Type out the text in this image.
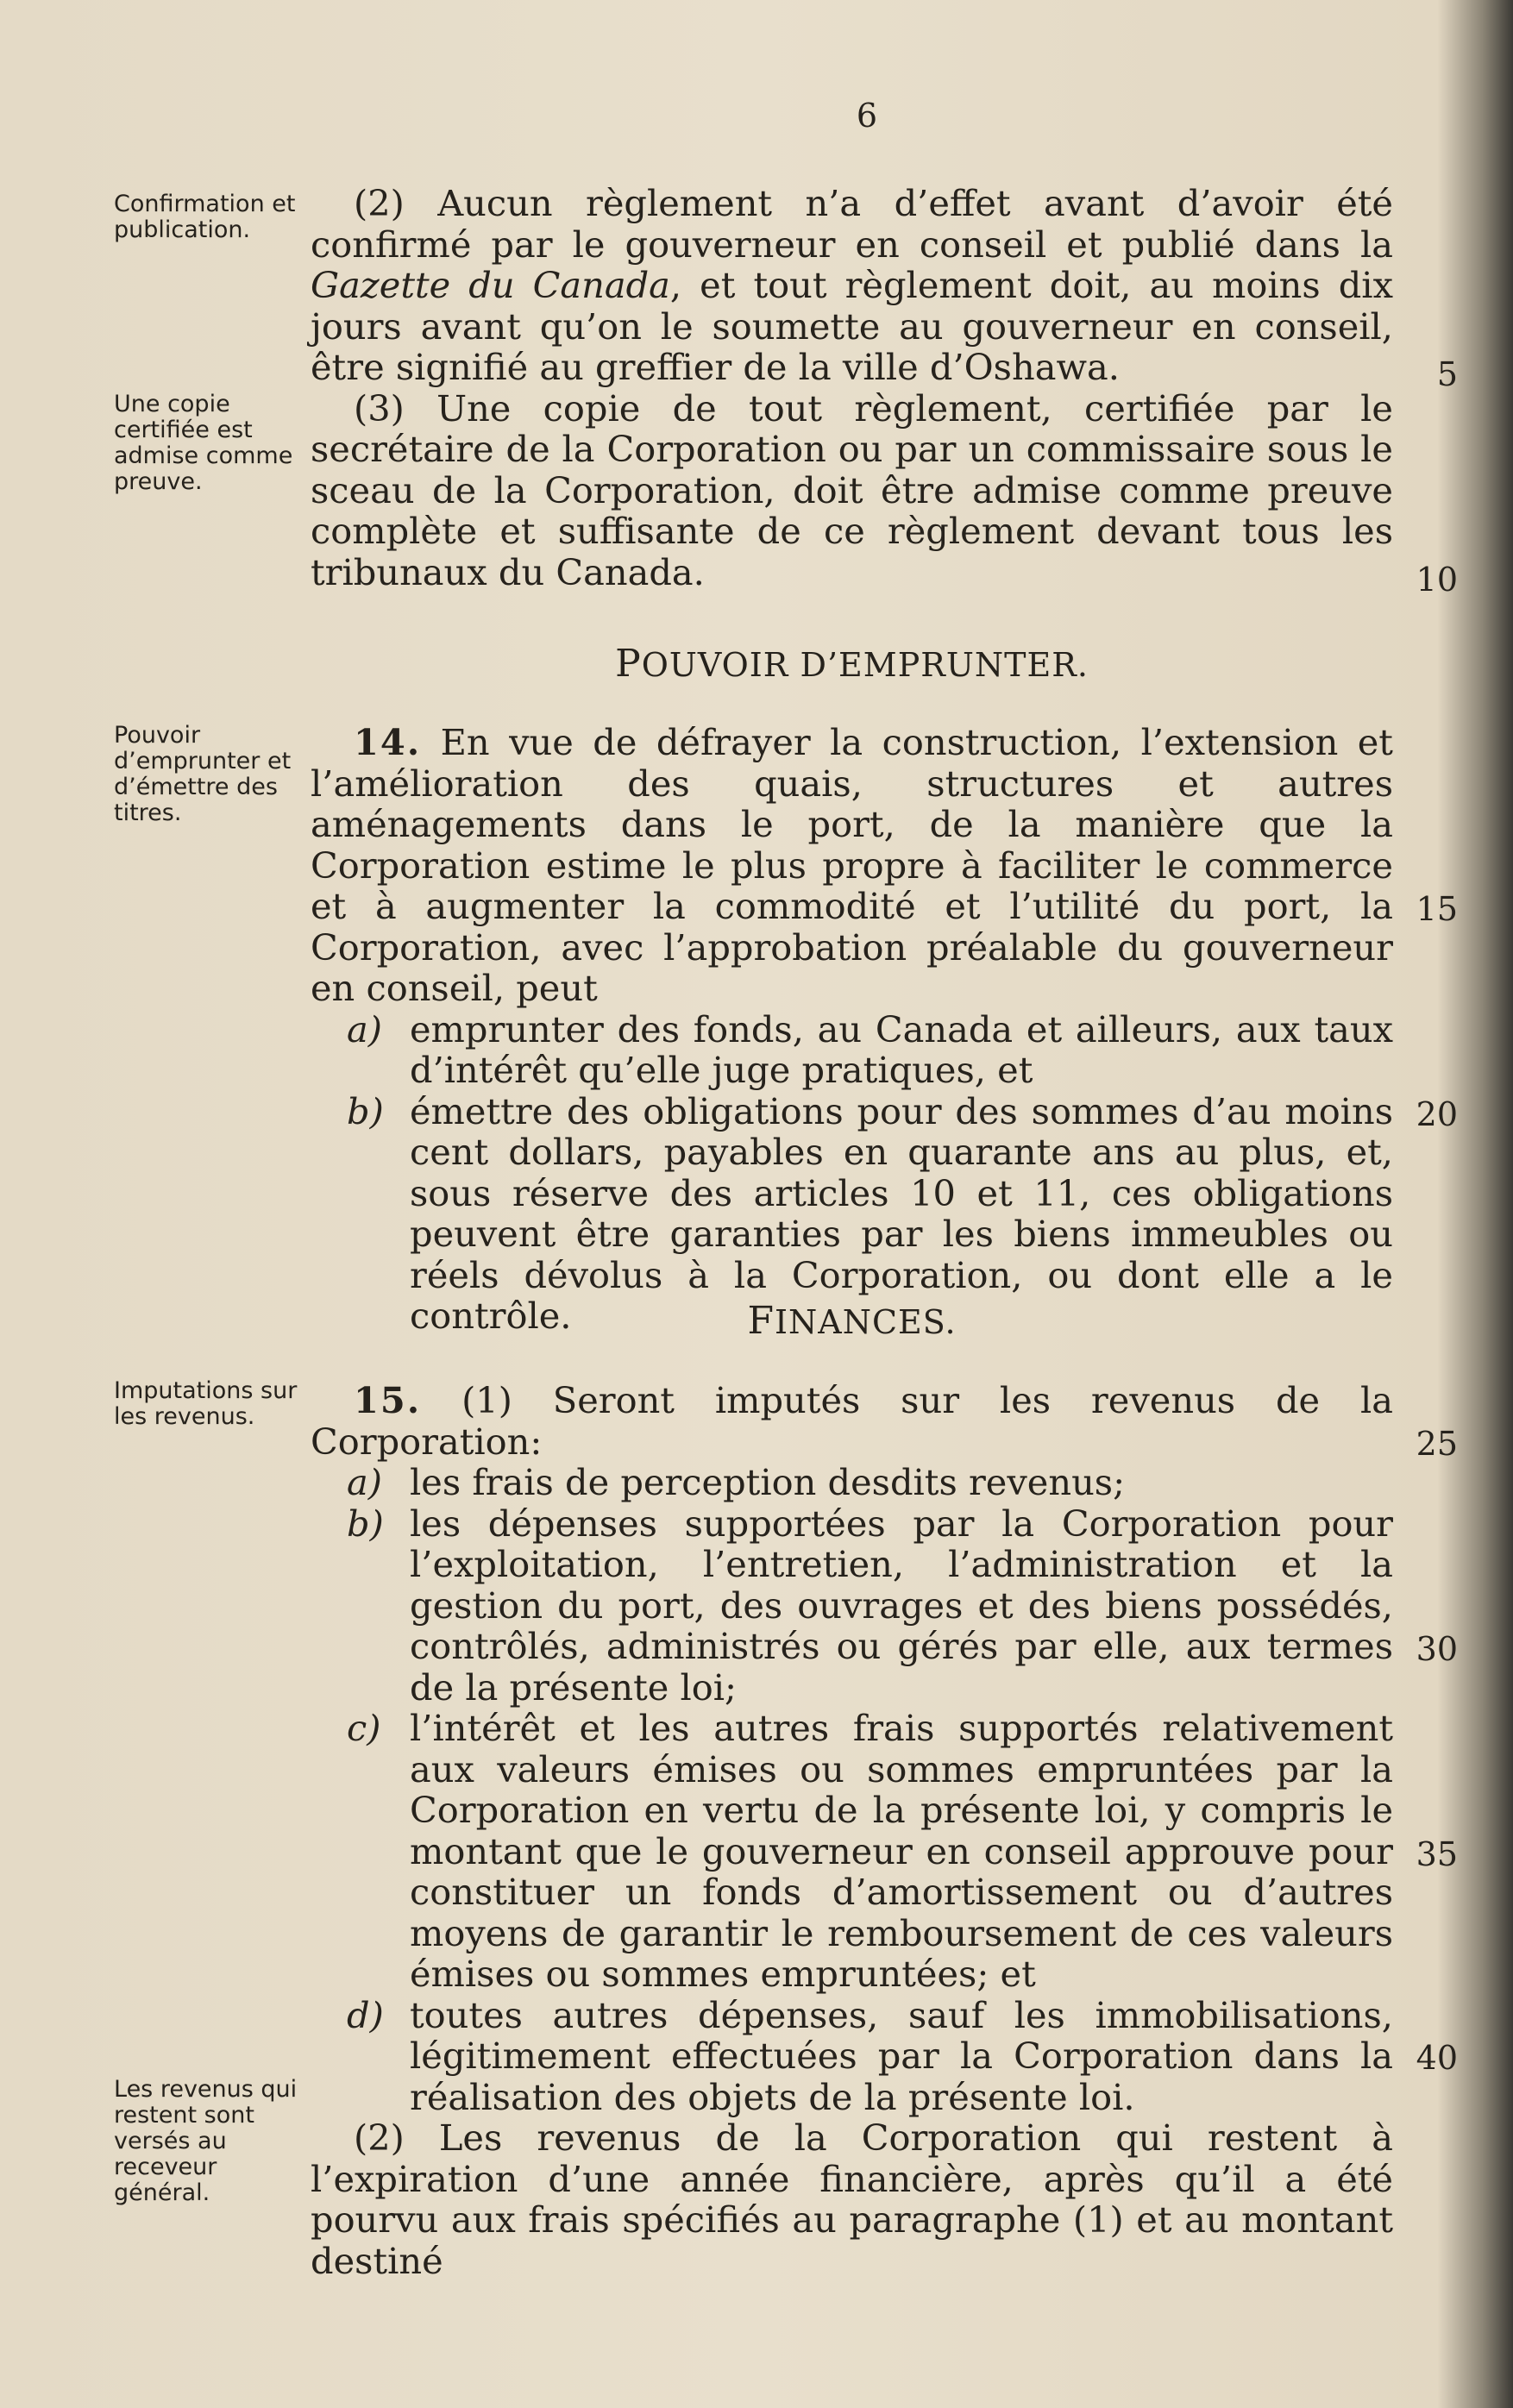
6
Confirmation et publication.
Une copie certifiée est admise comme preuve.
Pouvoir d’emprunter et d’émettre des titres.
Imputations sur les revenus.
Les revenus qui restent sont versés au receveur général.

(2) Aucun règlement n’a d’effet avant d’avoir été confirmé par le gouverneur en conseil et publié dans la Gazette du Canada, et tout règlement doit, au moins dix jours avant qu’on le soumette au gouverneur en conseil, être signifié au greffier de la ville d’Oshawa.

(3) Une copie de tout règlement, certifiée par le secrétaire de la Corporation ou par un commissaire sous le sceau de la Corporation, doit être admise comme preuve complète et suffisante de ce règlement devant tous les tribunaux du Canada.

POUVOIR D’EMPRUNTER.

14. En vue de défrayer la construction, l’extension et l’amélioration des quais, structures et autres aménagements dans le port, de la manière que la Corporation estime le plus propre à faciliter le commerce et à augmenter la commodité et l’utilité du port, la Corporation, avec l’approbation préalable du gouverneur en conseil, peut

a) emprunter des fonds, au Canada et ailleurs, aux taux d’intérêt qu’elle juge pratiques, et
b) émettre des obligations pour des sommes d’au moins cent dollars, payables en quarante ans au plus, et, sous réserve des articles 10 et 11, ces obligations peuvent être garanties par les biens immeubles ou réels dévolus à la Corporation, ou dont elle a le contrôle.	FINANCES.

15. (1) Seront imputés sur les revenus de la Corporation:

a) les frais de perception desdits revenus;
b) les dépenses supportées par la Corporation pour l’exploitation, l’entretien, l’administration et la gestion du port, des ouvrages et des biens possédés, contrôlés, administrés ou gérés par elle, aux termes de la présente loi;
c) l’intérêt et les autres frais supportés relativement aux valeurs émises ou sommes empruntées par la Corporation en vertu de la présente loi, y compris le montant que le gouverneur en conseil approuve pour constituer un fonds d’amortissement ou d’autres moyens de garantir le remboursement de ces valeurs émises ou sommes empruntées; et
d) toutes autres dépenses, sauf les immobilisations, légitimement effectuées par la Corporation dans la réalisation des objets de la présente loi.

(2) Les revenus de la Corporation qui restent à l’expiration d’une année financière, après qu’il a été pourvu aux frais spécifiés au paragraphe (1) et au montant destiné

5
10
15
20
25
30
35
40
